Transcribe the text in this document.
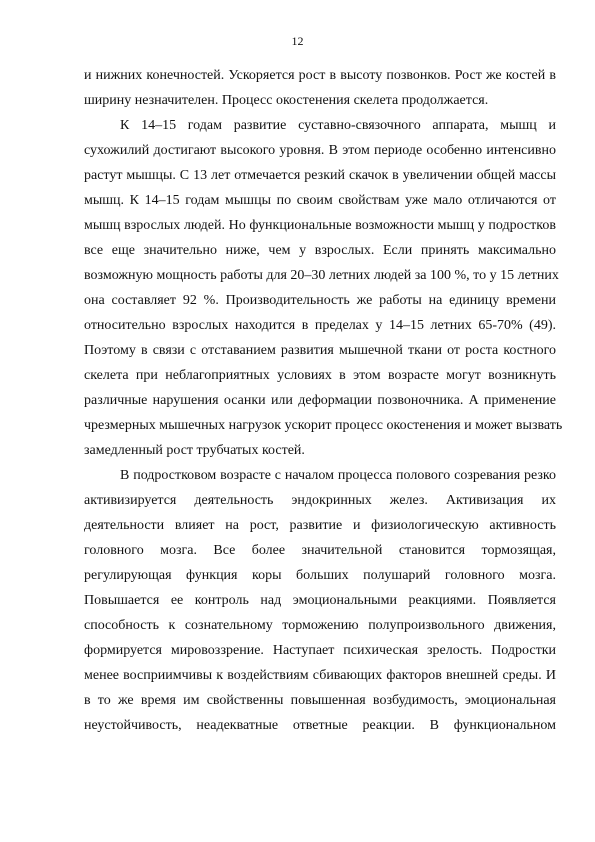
12
и нижних конечностей. Ускоряется рост в высоту позвонков. Рост же костей в
ширину незначителен. Процесс окостенения скелета продолжается.
К 14–15 годам развитие суставно-связочного аппарата, мышц и
сухожилий достигают высокого уровня. В этом периоде особенно интенсивно
растут мышцы. С 13 лет отмечается резкий скачок в увеличении общей массы
мышц. К 14–15 годам мышцы по своим свойствам уже мало отличаются от
мышц взрослых людей. Но функциональные возможности мышц у подростков
все еще значительно ниже, чем у взрослых. Если принять максимально
возможную мощность работы для 20–30 летних людей за 100 %, то у 15 летних
она составляет 92 %. Производительность же работы на единицу времени
относительно взрослых находится в пределах у 14–15 летних 65-70% (49).
Поэтому в связи с отставанием развития мышечной ткани от роста костного
скелета при неблагоприятных условиях в этом возрасте могут возникнуть
различные нарушения осанки или деформации позвоночника. А применение
чрезмерных мышечных нагрузок ускорит процесс окостенения и может вызвать
замедленный рост трубчатых костей.
В подростковом возрасте с началом процесса полового созревания резко
активизируется деятельность эндокринных желез. Активизация их
деятельности влияет на рост, развитие и физиологическую активность
головного мозга. Все более значительной становится тормозящая,
регулирующая функция коры больших полушарий головного мозга.
Повышается ее контроль над эмоциональными реакциями. Появляется
способность к сознательному торможению полупроизвольного движения,
формируется мировоззрение. Наступает психическая зрелость. Подростки
менее восприимчивы к воздействиям сбивающих факторов внешней среды. И
в то же время им свойственны повышенная возбудимость, эмоциональная
неустойчивость, неадекватные ответные реакции. В функциональном
